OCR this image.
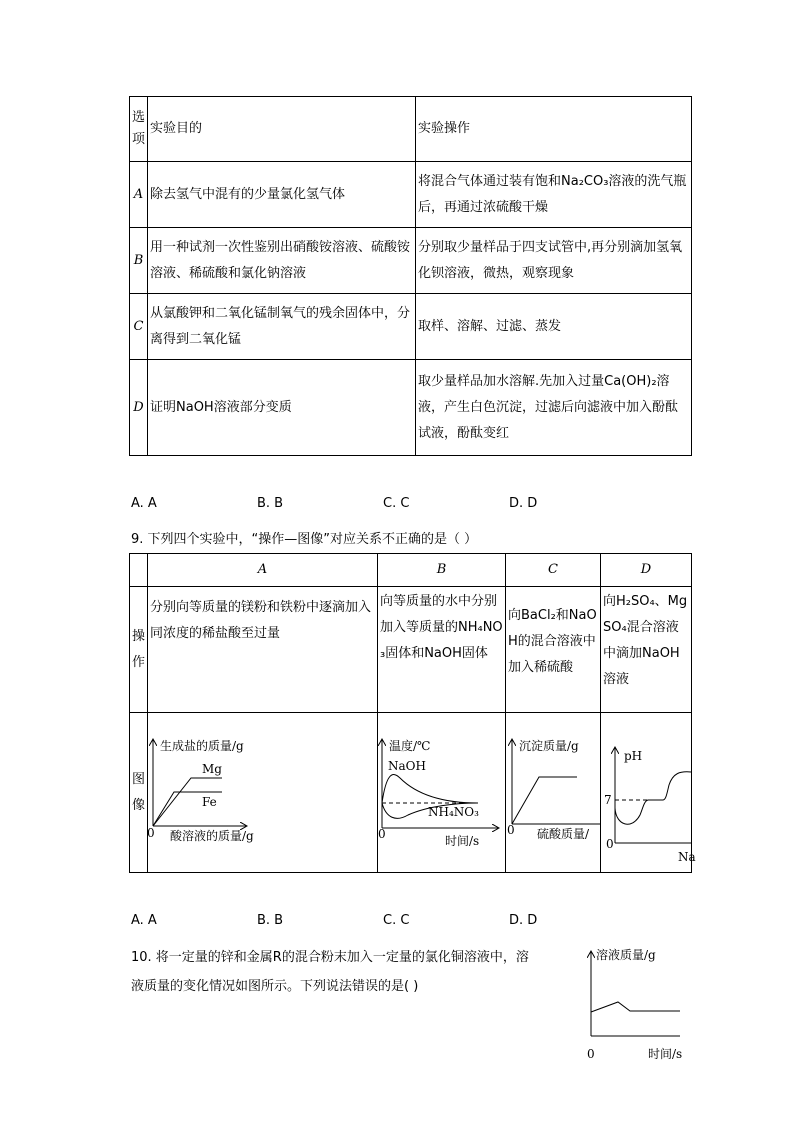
选项	实验目的	实验操作
A	除去氢气中混有的少量氯化氢气体	将混合气体通过装有饱和Na₂CO₃溶液的洗气瓶后，再通过浓硫酸干燥
B	用一种试剂一次性鉴别出硝酸铵溶液、硫酸铵溶液、稀硫酸和氯化钠溶液	分别取少量样品于四支试管中,再分别滴加氢氧化钡溶液，微热，观察现象
C	从氯酸钾和二氧化锰制氧气的残余固体中，分离得到二氧化锰	取样、溶解、过滤、蒸发
D	证明NaOH溶液部分变质	取少量样品加水溶解.先加入过量Ca(OH)₂溶液，产生白色沉淀，过滤后向滤液中加入酚酞试液，酚酞变红
A. A	B. B	C. C	D. D
9. 下列四个实验中，“操作—图像”对应关系不正确的是（ ）
	A	B	C	D
操作	分别向等质量的镁粉和铁粉中逐滴加入同浓度的稀盐酸至过量	向等质量的水中分别加入等质量的NH₄NO₃固体和NaOH固体	向BaCl₂和NaOH的混合溶液中加入稀硫酸	向H₂SO₄、MgSO₄混合溶液中滴加NaOH溶液
图像				
生成盐的质量/g
酸溶液的质量/g
0
Mg
Fe
温度/℃
时间/s
0
NaOH
NH₄NO₃
沉淀质量/g
硫酸质量/
0
pH
7
0
Na
A. A	B. B	C. C	D. D
10. 将一定量的锌和金属R的混合粉末加入一定量的氯化铜溶液中，溶
液质量的变化情况如图所示。下列说法错误的是( )
溶液质量/g
0	时间/s
